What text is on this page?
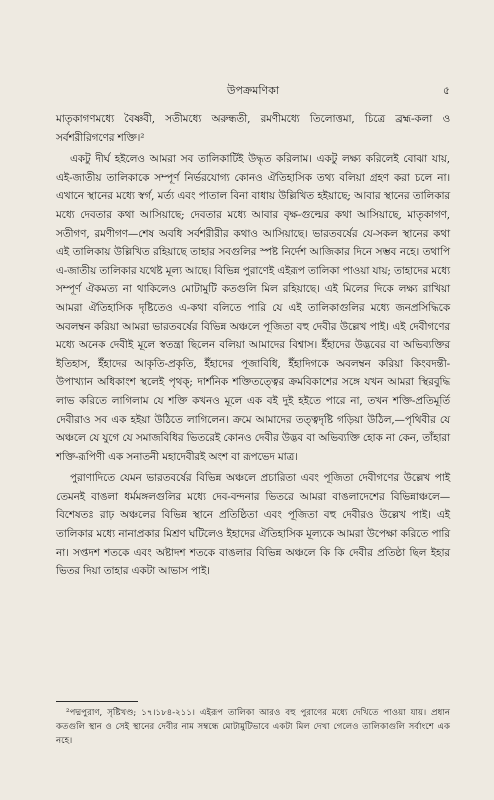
উপক্রমণিকা	৫

মাতৃকাগণমধ্যে বৈষ্ণবী, সতীমধ্যে অরুন্ধতী, রমণীমধ্যে তিলোত্তমা, চিত্রে ব্রহ্ম-কলা ও সর্বশরীরিগণের শক্তি।²

একটু দীর্ঘ হইলেও আমরা সব তালিকাটিই উদ্ধৃত করিলাম। একটু লক্ষ্য করিলেই বোঝা যায়, এই-জাতীয় তালিকাকে সম্পূর্ণ নির্ভরযোগ্য কোনও ঐতিহাসিক তথ্য বলিয়া গ্রহণ করা চলে না। এখানে স্থানের মধ্যে স্বর্গ, মর্ত্য এবং পাতাল বিনা বাধায় উল্লিখিত হইয়াছে; আবার স্থানের তালিকার মধ্যে দেবতার কথা আসিয়াছে; দেবতার মধ্যে আবার বৃক্ষ-গুল্মের কথা আসিয়াছে, মাতৃকাগণ, সতীগণ, রমণীগণ—শেষ অবধি সর্বশরীরীর কথাও আসিয়াছে। ভারতবর্ষের যে-সকল স্থানের কথা এই তালিকায় উল্লিখিত রহিয়াছে তাহার সবগুলির স্পষ্ট নির্দেশ আজিকার দিনে সম্ভব নহে। তথাপি এ-জাতীয় তালিকার যথেষ্ট মূল্য আছে। বিভিন্ন পুরাণেই এইরূপ তালিকা পাওয়া যায়; তাহাদের মধ্যে সম্পূর্ণ ঐকমত্য না থাকিলেও মোটামুটি কতগুলি মিল রহিয়াছে। এই মিলের দিকে লক্ষ্য রাখিয়া আমরা ঐতিহাসিক দৃষ্টিতেও এ-কথা বলিতে পারি যে এই তালিকাগুলির মধ্যে জনপ্রসিদ্ধিকে অবলম্বন করিয়া আমরা ভারতবর্ষের বিভিন্ন অঞ্চলে পূজিতা বহু দেবীর উল্লেখ পাই। এই দেবীগণের মধ্যে অনেক দেবীই মূলে স্বতন্ত্রা ছিলেন বলিয়া আমাদের বিশ্বাস। ইঁহাদের উদ্ভবের বা অভিব্যক্তির ইতিহাস, ইঁহাদের আকৃতি-প্রকৃতি, ইঁহাদের পূজাবিধি, ইঁহাদিগকে অবলম্বন করিয়া কিংবদন্তী-উপাখ্যান অধিকাংশ স্থলেই পৃথক্; দার্শনিক শক্তিতত্ত্বের ক্রমবিকাশের সঙ্গে যখন আমরা স্থিরবুদ্ধি লাভ করিতে লাগিলাম যে শক্তি কখনও মূলে এক বই দুই হইতে পারে না, তখন শক্তি-প্রতিমূর্তি দেবীরাও সব এক হইয়া উঠিতে লাগিলেন। ক্রমে আমাদের তত্ত্বদৃষ্টি গড়িয়া উঠিল,—পৃথিবীর যে অঞ্চলে যে যুগে যে সমাজবিধির ভিতরেই কোনও দেবীর উদ্ভব বা অভিব্যক্তি হোক না কেন, তাঁহারা শক্তি-রূপিণী এক সনাতনী মহাদেবীরই অংশ বা রূপভেদ মাত্র।

পুরাণাদিতে যেমন ভারতবর্ষের বিভিন্ন অঞ্চলে প্রচারিতা এবং পূজিতা দেবীগণের উল্লেখ পাই তেমনই বাঙলা ধর্মমঙ্গলগুলির মধ্যে দেব-বন্দনার ভিতরে আমরা বাঙলাদেশের বিভিন্নাঞ্চলে—বিশেষতঃ রাঢ় অঞ্চলের বিভিন্ন স্থানে প্রতিষ্ঠিতা এবং পূজিতা বহু দেবীরও উল্লেখ পাই। এই তালিকার মধ্যে নানাপ্রকার মিশ্রণ ঘটিলেও ইহাদের ঐতিহাসিক মূল্যকে আমরা উপেক্ষা করিতে পারি না। সপ্তদশ শতকে এবং অষ্টাদশ শতকে বাঙলার বিভিন্ন অঞ্চলে কি কি দেবীর প্রতিষ্ঠা ছিল ইহার ভিতর দিয়া তাহার একটা আভাস পাই।

²পদ্মপুরাণ, সৃষ্টিখণ্ড; ১৭।১৮৪-২১১। এইরূপ তালিকা আরও বহু পুরাণের মধ্যে দেখিতে পাওয়া যায়। প্রধান কতগুলি স্থান ও সেই স্থানের দেবীর নাম সম্বন্ধে মোটামুটিভাবে একটা মিল দেখা গেলেও তালিকাগুলি সর্বাংশে এক নহে।
